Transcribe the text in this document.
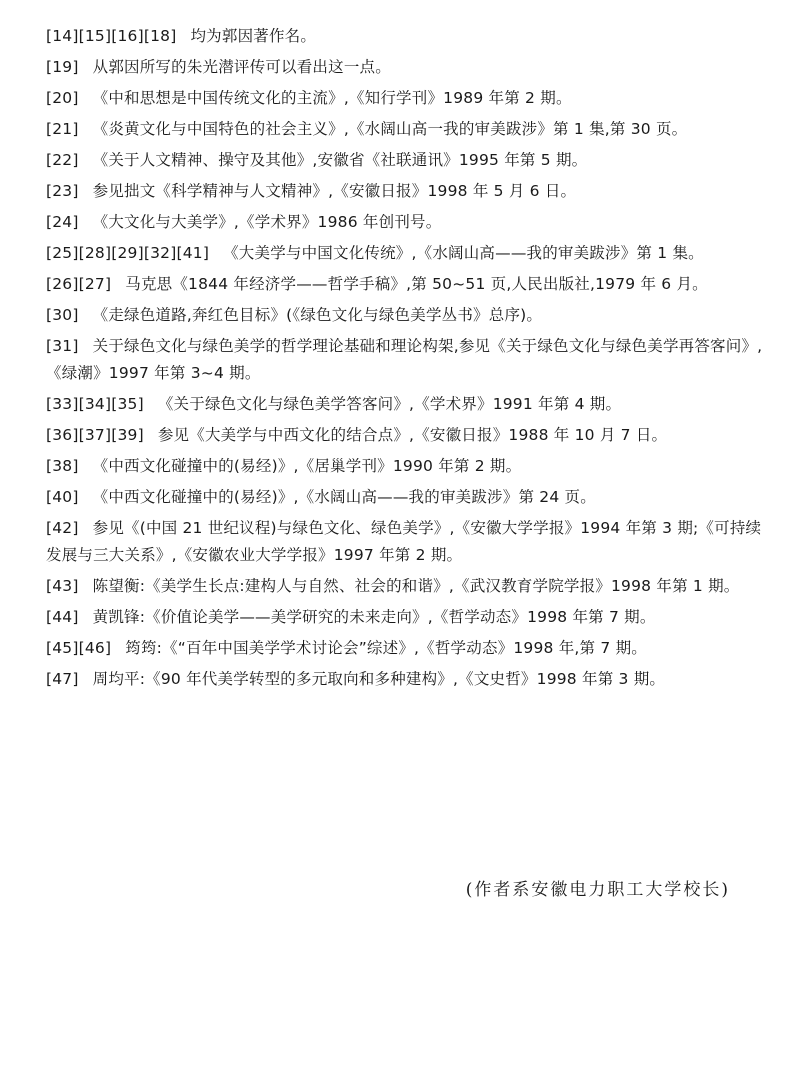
[14][15][16][18] 均为郭因著作名。

[19] 从郭因所写的朱光潜评传可以看出这一点。

[20] 《中和思想是中国传统文化的主流》,《知行学刊》1989 年第 2 期。

[21] 《炎黄文化与中国特色的社会主义》,《水阔山高一我的审美跋涉》第 1 集,第 30 页。

[22] 《关于人文精神、操守及其他》,安徽省《社联通讯》1995 年第 5 期。

[23] 参见拙文《科学精神与人文精神》,《安徽日报》1998 年 5 月 6 日。

[24] 《大文化与大美学》,《学术界》1986 年创刊号。

[25][28][29][32][41] 《大美学与中国文化传统》,《水阔山高——我的审美跋涉》第 1 集。

[26][27] 马克思《1844 年经济学——哲学手稿》,第 50~51 页,人民出版社,1979 年 6 月。

[30] 《走绿色道路,奔红色目标》(《绿色文化与绿色美学丛书》总序)。

[31] 关于绿色文化与绿色美学的哲学理论基础和理论构架,参见《关于绿色文化与绿色美学再答客问》,《绿潮》1997 年第 3~4 期。

[33][34][35] 《关于绿色文化与绿色美学答客问》,《学术界》1991 年第 4 期。

[36][37][39] 参见《大美学与中西文化的结合点》,《安徽日报》1988 年 10 月 7 日。

[38] 《中西文化碰撞中的(易经)》,《居巢学刊》1990 年第 2 期。

[40] 《中西文化碰撞中的(易经)》,《水阔山高——我的审美跋涉》第 24 页。

[42] 参见《(中国 21 世纪议程)与绿色文化、绿色美学》,《安徽大学学报》1994 年第 3 期;《可持续发展与三大关系》,《安徽农业大学学报》1997 年第 2 期。

[43] 陈望衡:《美学生长点:建构人与自然、社会的和谐》,《武汉教育学院学报》1998 年第 1 期。

[44] 黄凯锋:《价值论美学——美学研究的未来走向》,《哲学动态》1998 年第 7 期。

[45][46] 筠筠:《“百年中国美学学术讨论会”综述》,《哲学动态》1998 年,第 7 期。

[47] 周均平:《90 年代美学转型的多元取向和多种建构》,《文史哲》1998 年第 3 期。

(作者系安徽电力职工大学校长)
